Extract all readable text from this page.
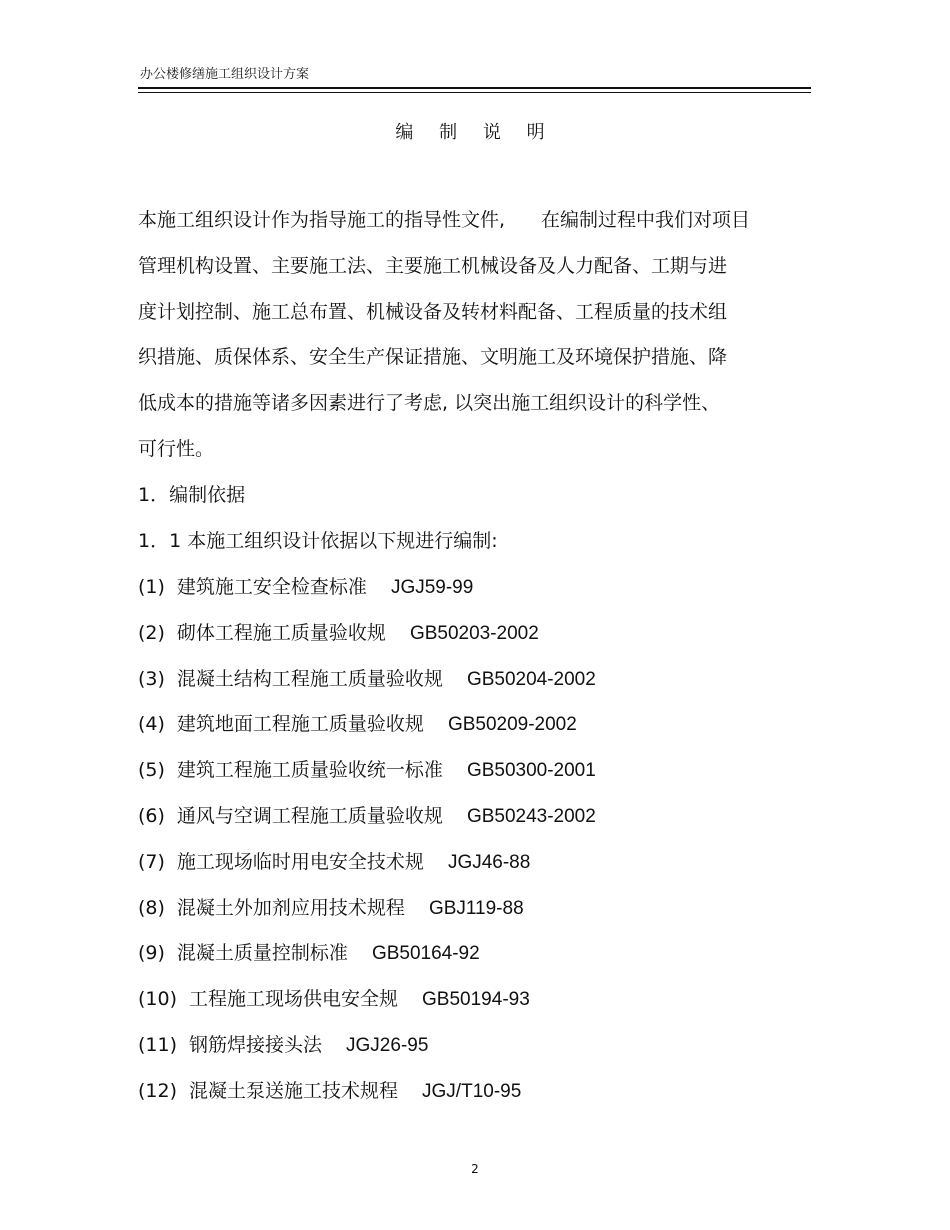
办公楼修缮施工组织设计方案
编 制 说 明
本施工组织设计作为指导施工的指导性文件, 在编制过程中我们对项目
管理机构设置、主要施工法、主要施工机械设备及人力配备、工期与进
度计划控制、施工总布置、机械设备及转材料配备、工程质量的技术组
织措施、质保体系、安全生产保证措施、文明施工及环境保护措施、降
低成本的措施等诸多因素进行了考虑, 以突出施工组织设计的科学性、
可行性。
1．编制依据
1．1 本施工组织设计依据以下规进行编制:
(1) 建筑施工安全检查标准 JGJ59-99
(2) 砌体工程施工质量验收规 GB50203-2002
(3) 混凝土结构工程施工质量验收规 GB50204-2002
(4) 建筑地面工程施工质量验收规 GB50209-2002
(5) 建筑工程施工质量验收统一标准 GB50300-2001
(6) 通风与空调工程施工质量验收规 GB50243-2002
(7) 施工现场临时用电安全技术规 JGJ46-88
(8) 混凝土外加剂应用技术规程 GBJ119-88
(9) 混凝土质量控制标准 GB50164-92
(10) 工程施工现场供电安全规 GB50194-93
(11) 钢筋焊接接头法 JGJ26-95
(12) 混凝土泵送施工技术规程 JGJ/T10-95
2
